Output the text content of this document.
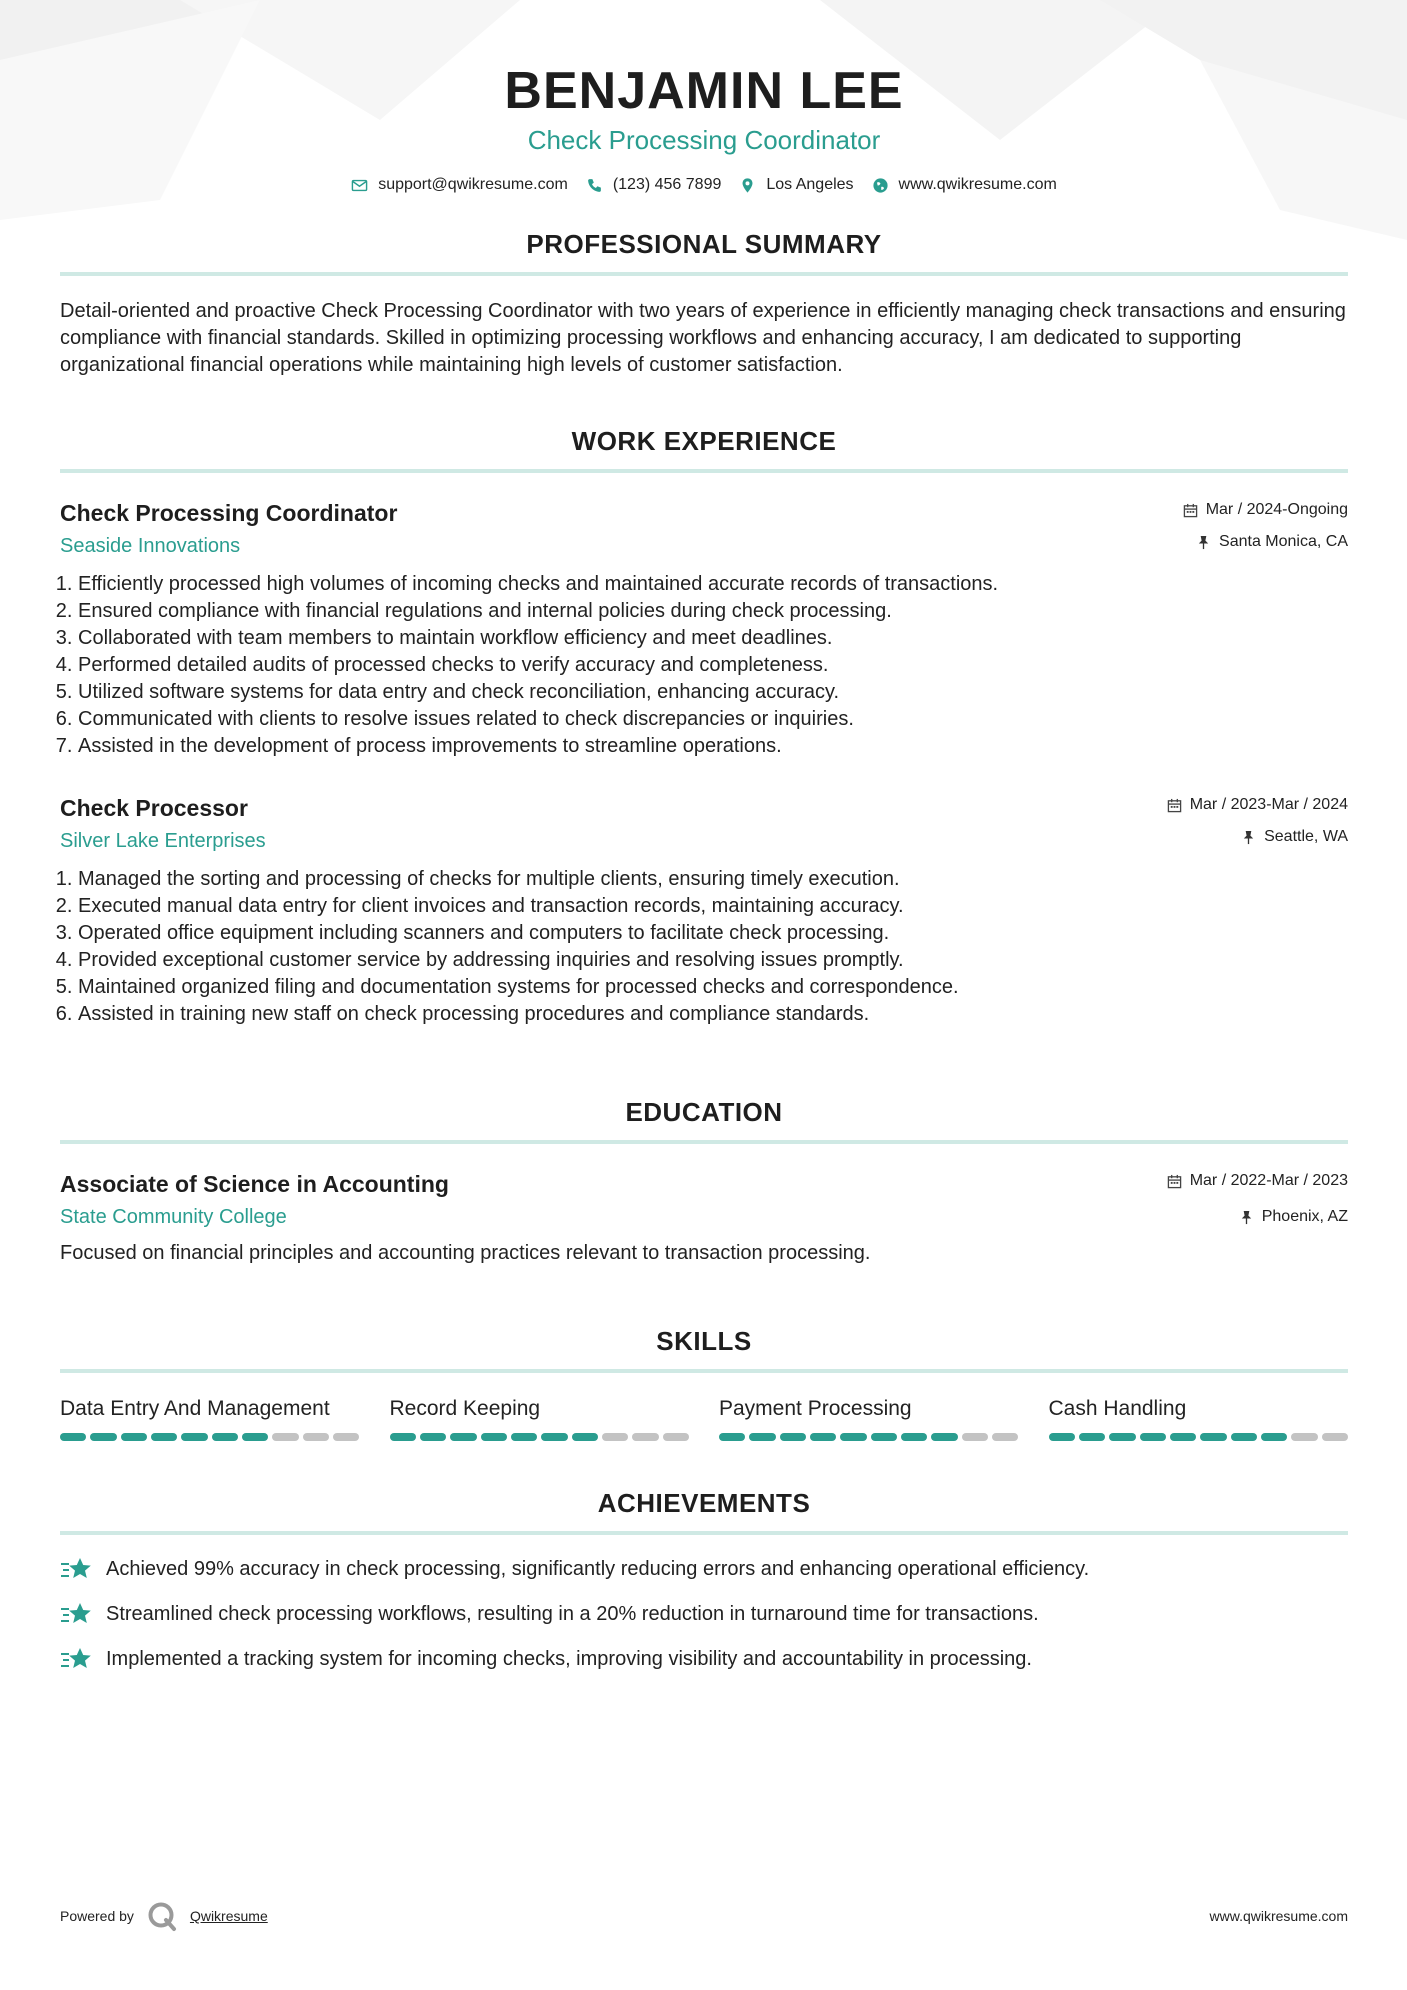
BENJAMIN LEE
Check Processing Coordinator
support@qwikresume.com	(123) 456 7899	Los Angeles	www.qwikresume.com
PROFESSIONAL SUMMARY
Detail-oriented and proactive Check Processing Coordinator with two years of experience in efficiently managing check transactions and ensuring compliance with financial standards. Skilled in optimizing processing workflows and enhancing accuracy, I am dedicated to supporting organizational financial operations while maintaining high levels of customer satisfaction.
WORK EXPERIENCE
Check Processing Coordinator
Seaside Innovations
Mar / 2024-Ongoing
Santa Monica, CA
1. Efficiently processed high volumes of incoming checks and maintained accurate records of transactions.
2. Ensured compliance with financial regulations and internal policies during check processing.
3. Collaborated with team members to maintain workflow efficiency and meet deadlines.
4. Performed detailed audits of processed checks to verify accuracy and completeness.
5. Utilized software systems for data entry and check reconciliation, enhancing accuracy.
6. Communicated with clients to resolve issues related to check discrepancies or inquiries.
7. Assisted in the development of process improvements to streamline operations.
Check Processor
Silver Lake Enterprises
Mar / 2023-Mar / 2024
Seattle, WA
1. Managed the sorting and processing of checks for multiple clients, ensuring timely execution.
2. Executed manual data entry for client invoices and transaction records, maintaining accuracy.
3. Operated office equipment including scanners and computers to facilitate check processing.
4. Provided exceptional customer service by addressing inquiries and resolving issues promptly.
5. Maintained organized filing and documentation systems for processed checks and correspondence.
6. Assisted in training new staff on check processing procedures and compliance standards.
EDUCATION
Associate of Science in Accounting
State Community College
Mar / 2022-Mar / 2023
Phoenix, AZ
Focused on financial principles and accounting practices relevant to transaction processing.
SKILLS
Data Entry And Management	Record Keeping	Payment Processing	Cash Handling
ACHIEVEMENTS
Achieved 99% accuracy in check processing, significantly reducing errors and enhancing operational efficiency.
Streamlined check processing workflows, resulting in a 20% reduction in turnaround time for transactions.
Implemented a tracking system for incoming checks, improving visibility and accountability in processing.
Powered by	Qwikresume	www.qwikresume.com
